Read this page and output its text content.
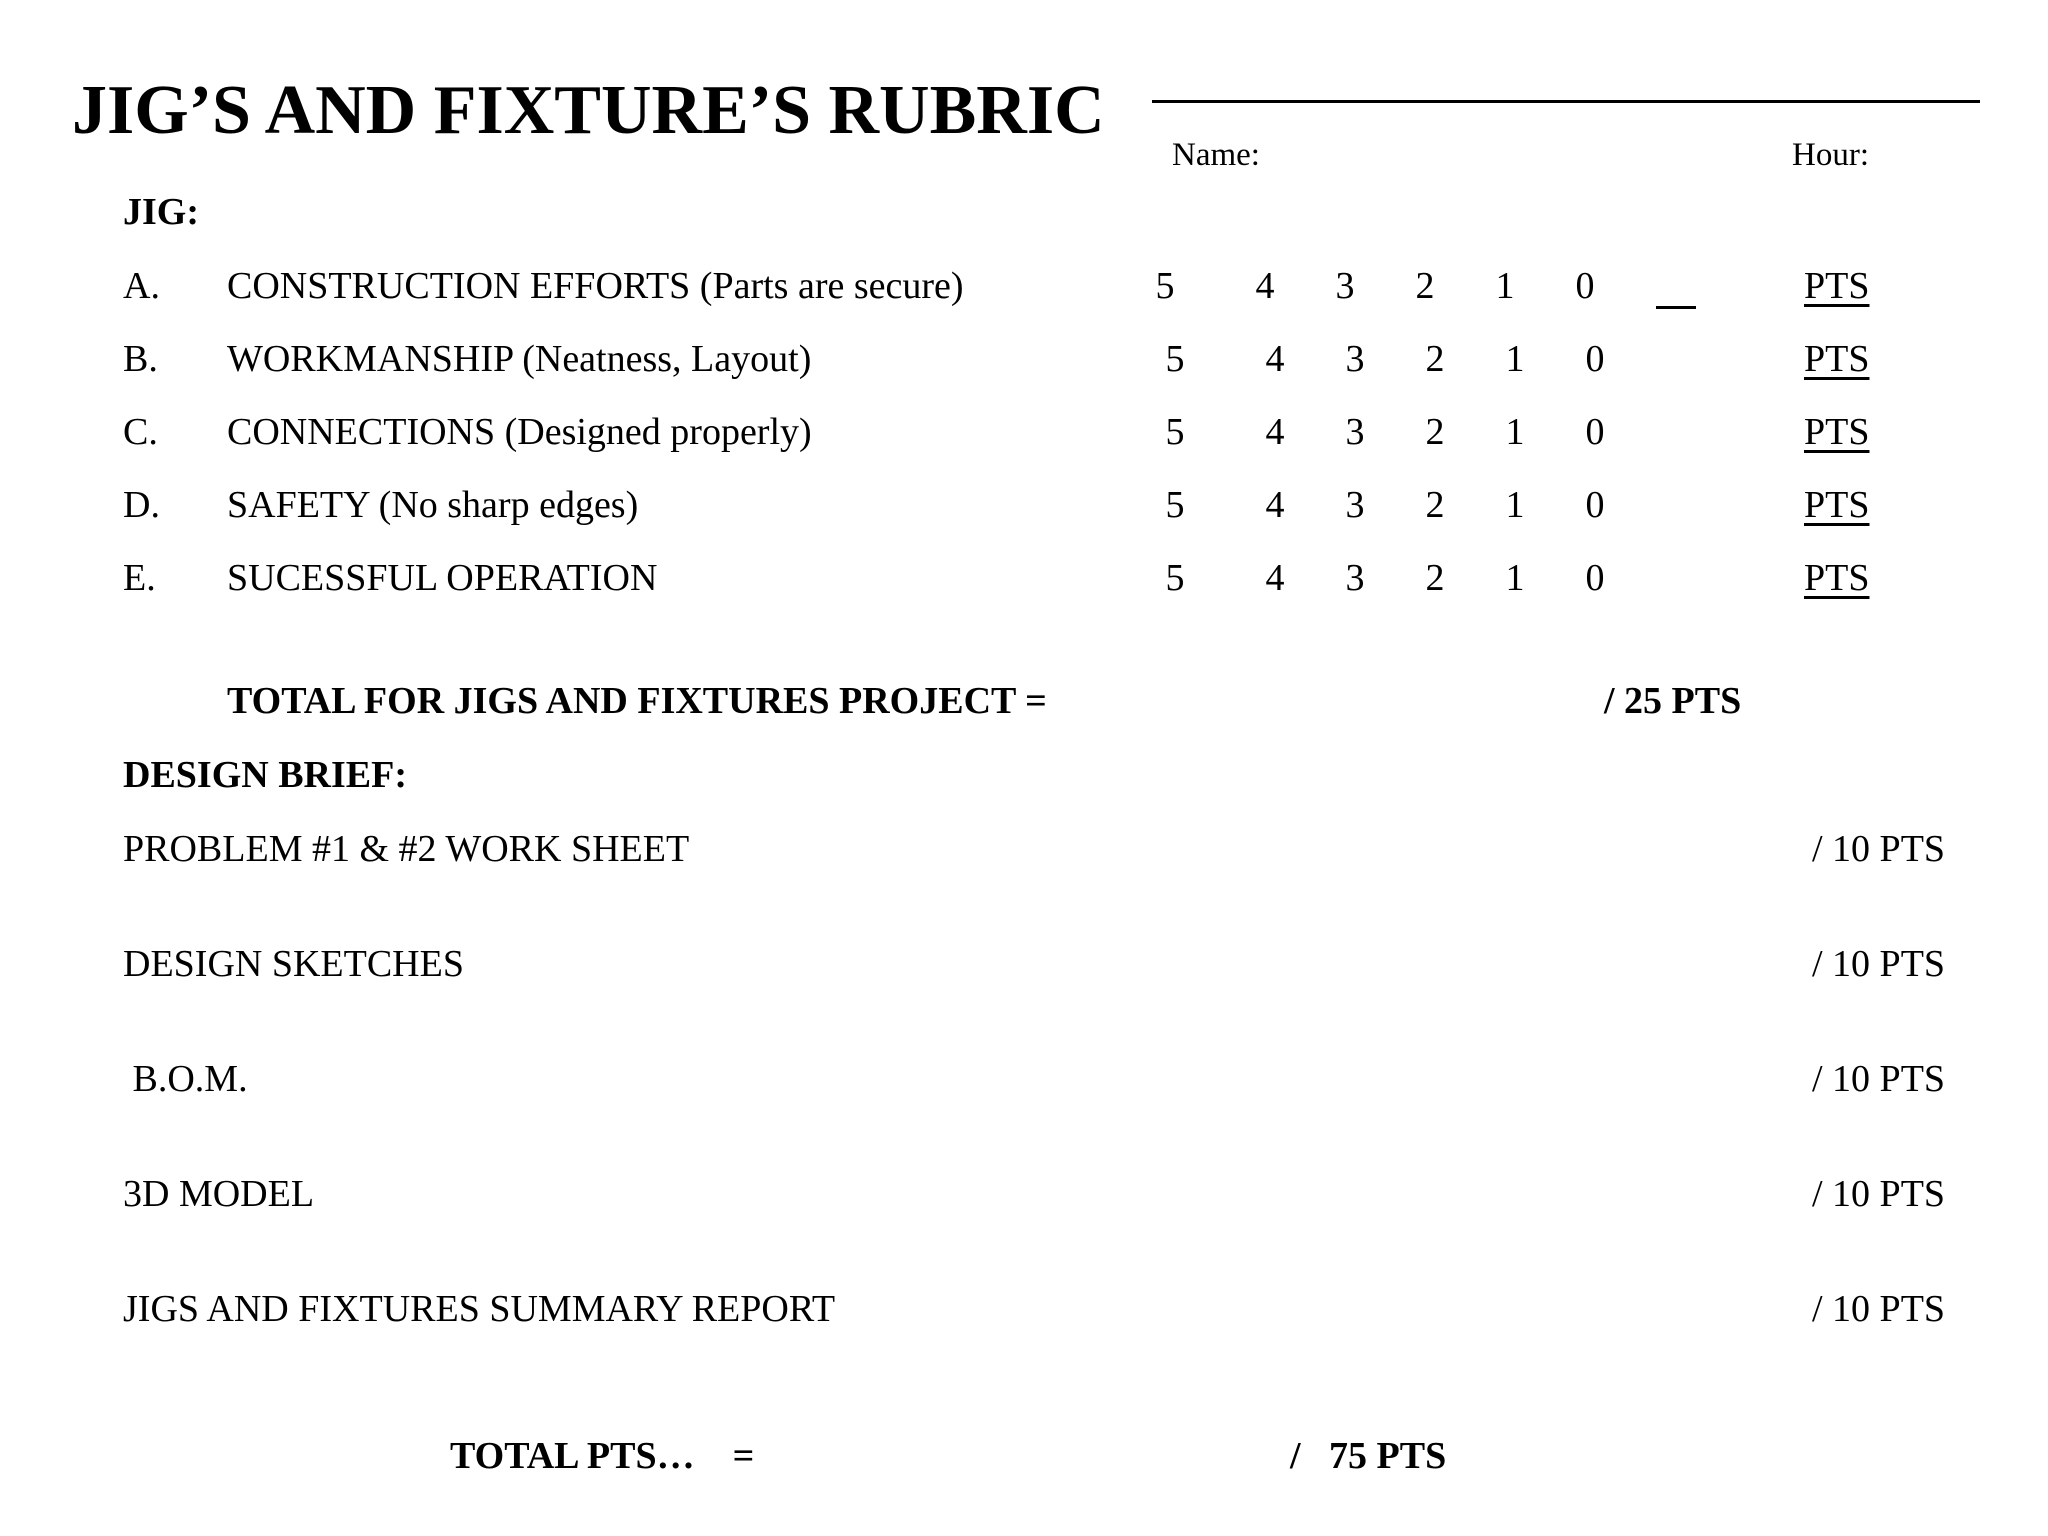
JIG’S AND FIXTURE’S RUBRIC
Name:	Hour:
JIG:
A. CONSTRUCTION EFFORTS (Parts are secure)	5 4 3 2 1 0	PTS
B. WORKMANSHIP (Neatness, Layout)	5 4 3 2 1 0	PTS
C. CONNECTIONS (Designed properly)	5 4 3 2 1 0	PTS
D. SAFETY (No sharp edges)	5 4 3 2 1 0	PTS
E. SUCESSFUL OPERATION	5 4 3 2 1 0	PTS
TOTAL FOR JIGS AND FIXTURES PROJECT =	/ 25 PTS
DESIGN BRIEF:
PROBLEM #1 & #2 WORK SHEET	/ 10 PTS
DESIGN SKETCHES	/ 10 PTS
B.O.M.	/ 10 PTS
3D MODEL	/ 10 PTS
JIGS AND FIXTURES SUMMARY REPORT	/ 10 PTS
TOTAL PTS…    =	/   75 PTS
